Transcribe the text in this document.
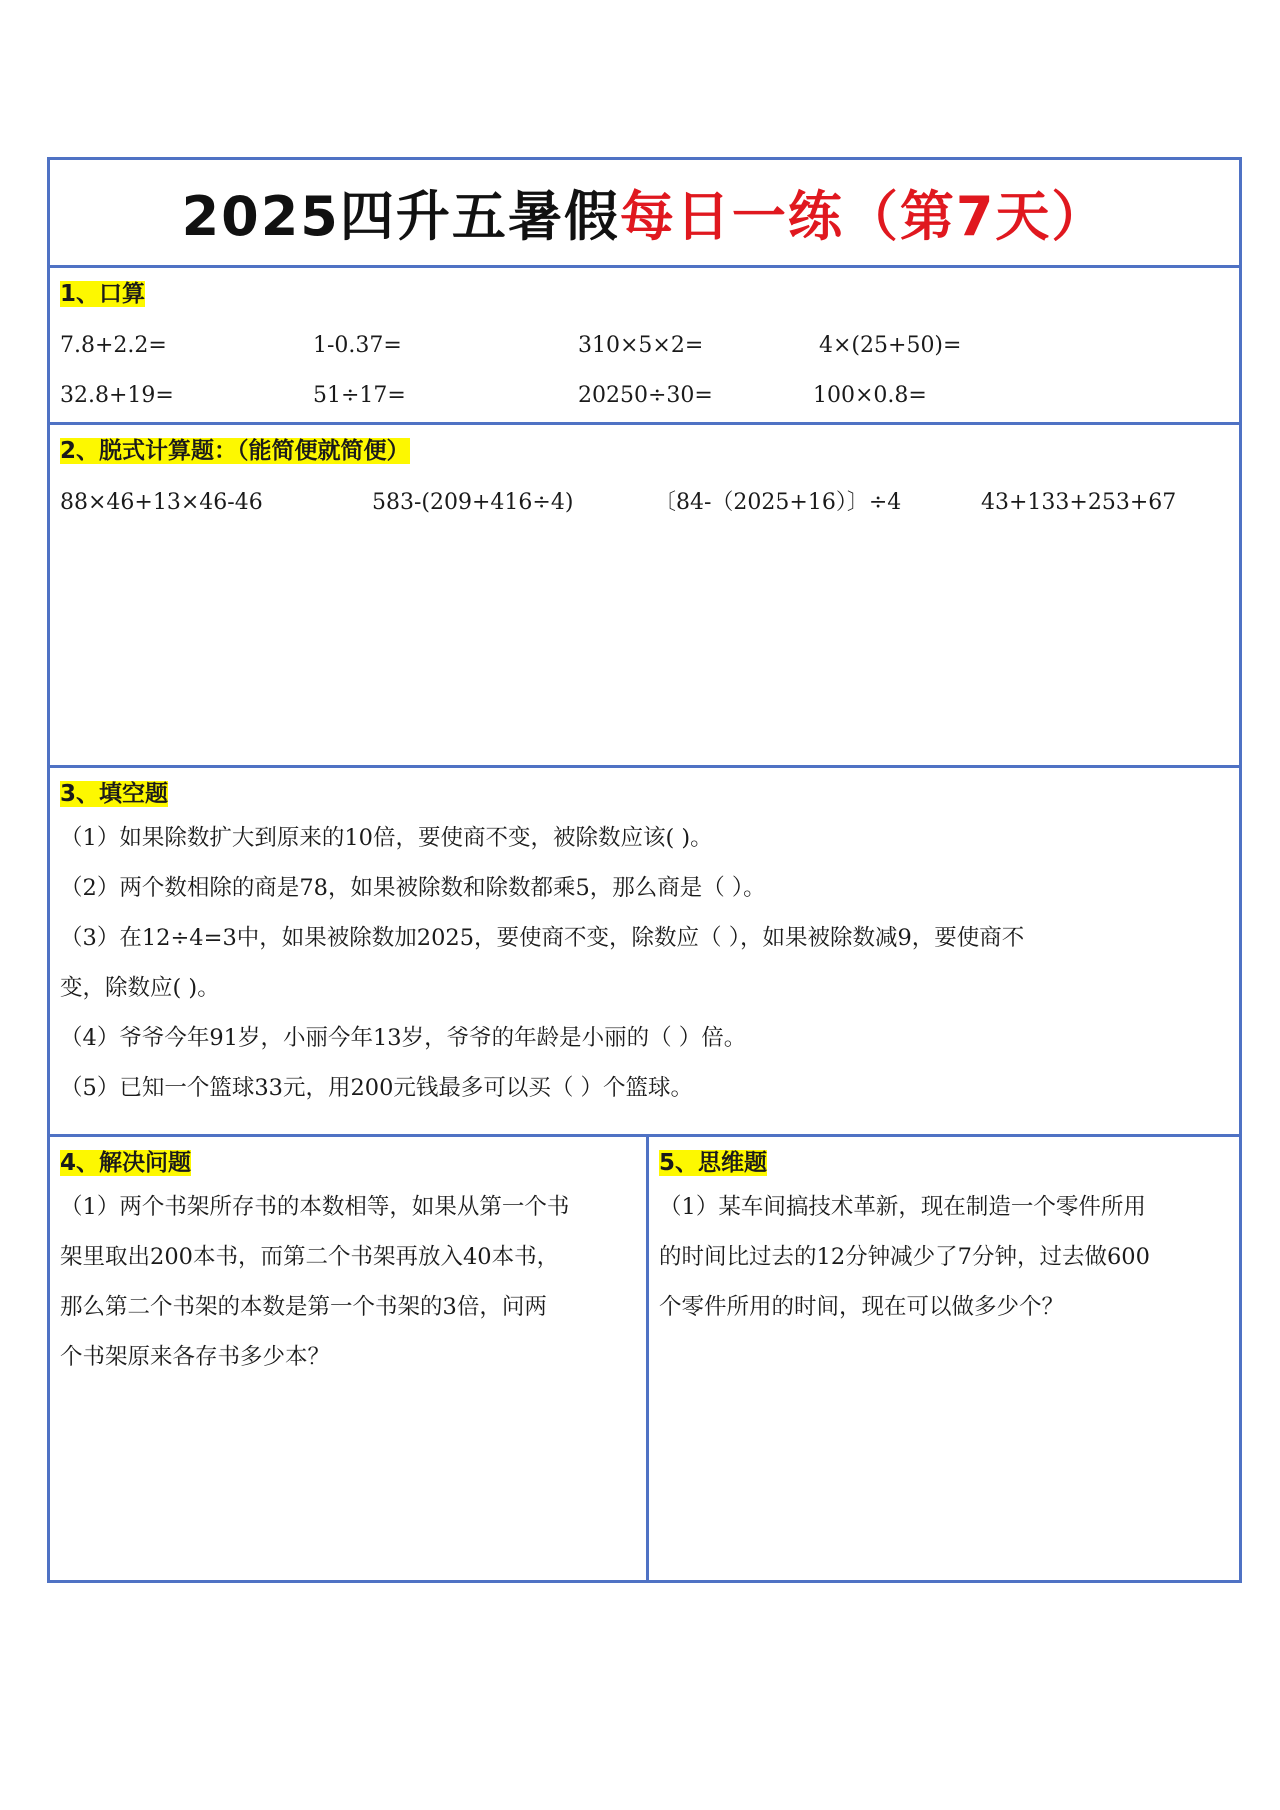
2025四升五暑假每日一练（第7天）
1、口算
7.8+2.2=	1-0.37=	310×5×2=	4×(25+50)=
32.8+19=	51÷17=	20250÷30=	100×0.8=
2、脱式计算题：（能简便就简便）
88×46+13×46-46	583-(209+416÷4)	〔84-（2025+16）〕÷4	43+133+253+67
3、填空题
（1）如果除数扩大到原来的10倍，要使商不变，被除数应该( )。
（2）两个数相除的商是78，如果被除数和除数都乘5，那么商是（ ）。
（3）在12÷4=3中，如果被除数加2025，要使商不变，除数应（ ），如果被除数减9，要使商不
变，除数应( )。
（4）爷爷今年91岁，小丽今年13岁，爷爷的年龄是小丽的（ ）倍。
（5）已知一个篮球33元，用200元钱最多可以买（ ）个篮球。
4、解决问题
（1）两个书架所存书的本数相等，如果从第一个书
架里取出200本书，而第二个书架再放入40本书，
那么第二个书架的本数是第一个书架的3倍，问两
个书架原来各存书多少本？
5、思维题
（1）某车间搞技术革新，现在制造一个零件所用
的时间比过去的12分钟减少了7分钟，过去做600
个零件所用的时间，现在可以做多少个？
